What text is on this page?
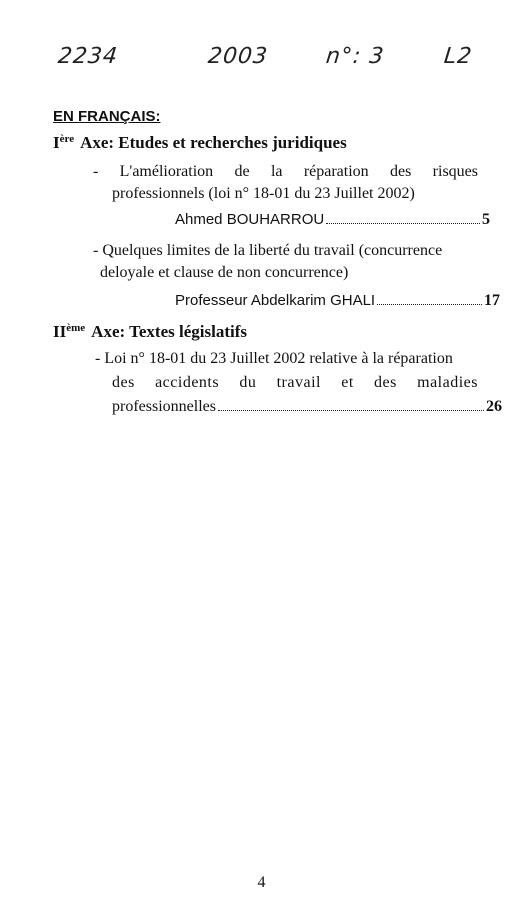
2234	2003	n°: 3	L2
EN FRANÇAIS:
Ière Axe: Etudes et recherches juridiques
- L'amélioration de la réparation des risques
professionnels (loi n° 18-01 du 23 Juillet 2002)
Ahmed BOUHARROU	5
- Quelques limites de la liberté du travail (concurrence
deloyale et clause de non concurrence)
Professeur Abdelkarim GHALI	17
IIème Axe: Textes législatifs
- Loi n° 18-01 du 23 Juillet 2002 relative à la réparation
des accidents du travail et des maladies
professionnelles	26
4
